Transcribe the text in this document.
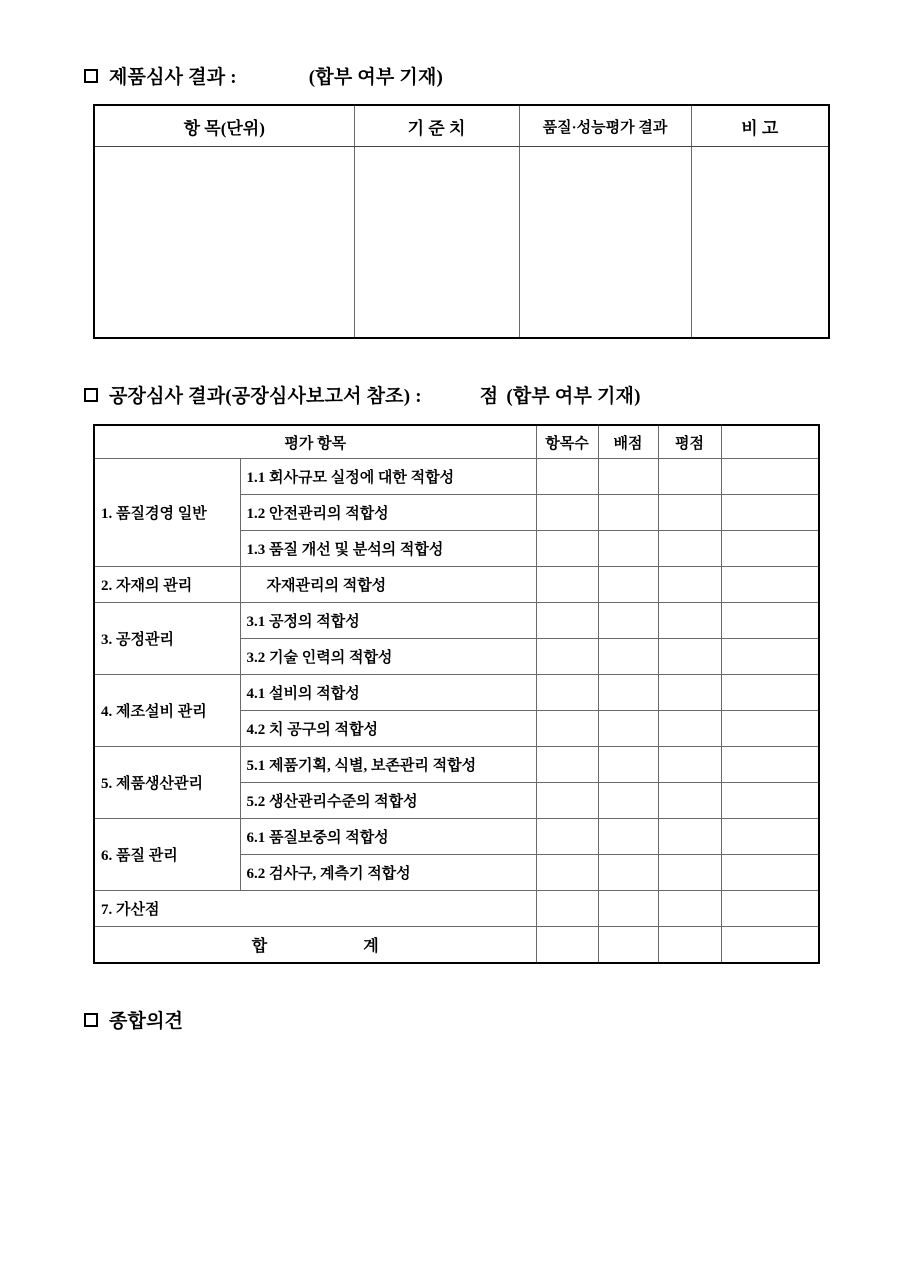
제품심사 결과 :	(합부 여부 기재)
항 목(단위)	기 준 치	품질·성능평가 결과	비 고

공장심사 결과(공장심사보고서 참조) :	점 (합부 여부 기재)
평가 항목		항목수	배점	평점	
1. 품질경영 일반	1.1 회사규모 실정에 대한 적합성				
	1.2 안전관리의 적합성				
	1.3 품질 개선 및 분석의 적합성				
2. 자재의 관리	자재관리의 적합성				
3. 공정관리	3.1 공정의 적합성				
	3.2 기술 인력의 적합성				
4. 제조설비 관리	4.1 설비의 적합성				
	4.2 치 공구의 적합성				
5. 제품생산관리	5.1 제품기획, 식별, 보존관리 적합성				
	5.2 생산관리수준의 적합성				
6. 품질 관리	6.1 품질보중의 적합성				
	6.2 검사구, 계측기 적합성				
7. 가산점					
합 계					
종합의견
